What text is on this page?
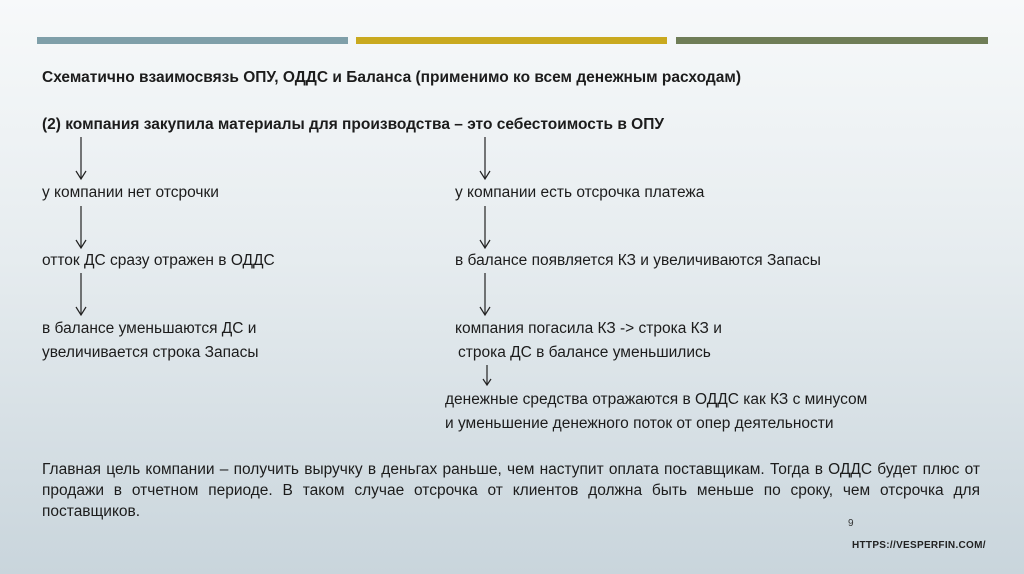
Схематично взаимосвязь ОПУ, ОДДС и Баланса (применимо ко всем денежным расходам)
(2) компания закупила материалы для производства – это себестоимость в ОПУ
у компании нет отсрочки
отток ДС сразу отражен в ОДДС
в балансе уменьшаются ДС и
увеличивается строка Запасы
у компании есть отсрочка платежа
в балансе появляется КЗ и увеличиваются Запасы
компания погасила КЗ -> строка КЗ и
строка ДС в балансе уменьшились
денежные средства отражаются в ОДДС как КЗ с минусом
и уменьшение денежного поток от опер деятельности
Главная цель компании – получить выручку в деньгах раньше, чем наступит оплата поставщикам. Тогда в ОДДС будет плюс от продажи в отчетном периоде. В таком случае отсрочка от клиентов должна быть меньше по сроку, чем отсрочка для поставщиков.
9
HTTPS://VESPERFIN.COM/
